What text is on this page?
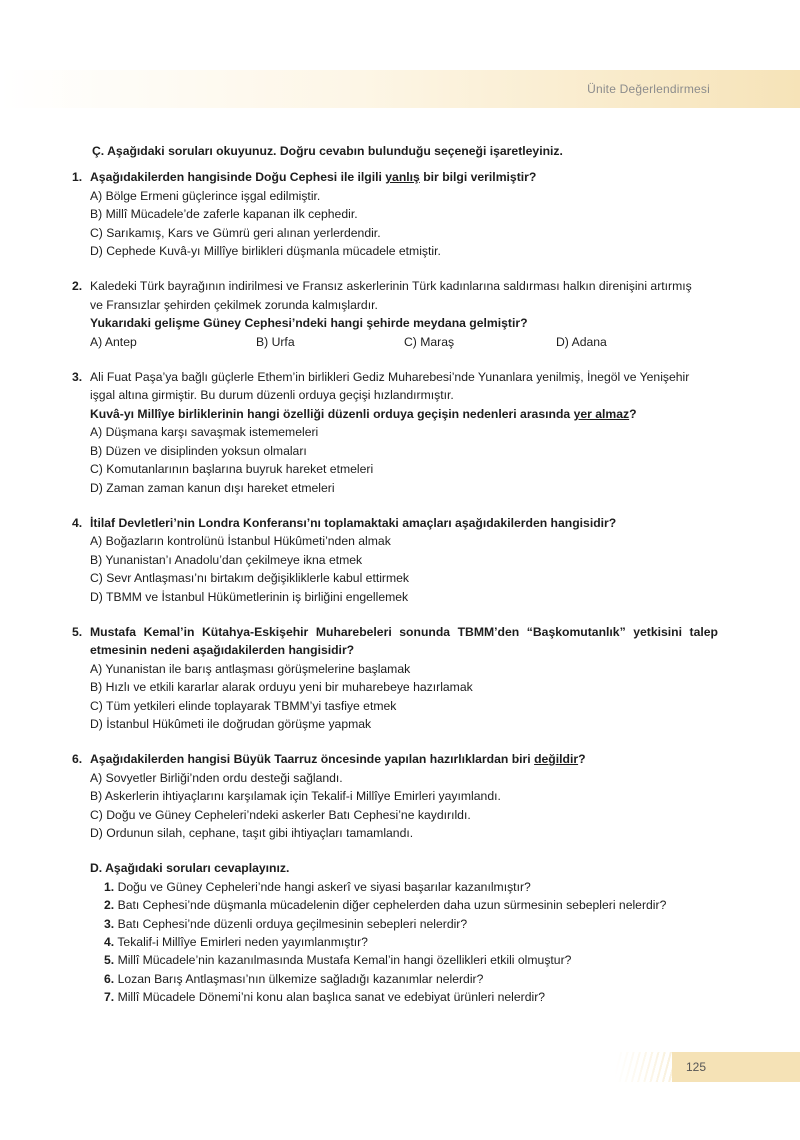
Ünite Değerlendirmesi
Ç. Aşağıdaki soruları okuyunuz. Doğru cevabın bulunduğu seçeneği işaretleyiniz.
1. Aşağıdakilerden hangisinde Doğu Cephesi ile ilgili yanlış bir bilgi verilmiştir?
A) Bölge Ermeni güçlerince işgal edilmiştir.
B) Millî Mücadele’de zaferle kapanan ilk cephedir.
C) Sarıkamış, Kars ve Gümrü geri alınan yerlerdendir.
D) Cephede Kuvâ-yı Millîye birlikleri düşmanla mücadele etmiştir.
2. Kaledeki Türk bayrağının indirilmesi ve Fransız askerlerinin Türk kadınlarına saldırması halkın direnişini artırmış
ve Fransızlar şehirden çekilmek zorunda kalmışlardır.
Yukarıdaki gelişme Güney Cephesi’ndeki hangi şehirde meydana gelmiştir?
A) Antep	B) Urfa	C) Maraş	D) Adana
3. Ali Fuat Paşa’ya bağlı güçlerle Ethem’in birlikleri Gediz Muharebesi’nde Yunanlara yenilmiş, İnegöl ve Yenişehir
işgal altına girmiştir. Bu durum düzenli orduya geçişi hızlandırmıştır.
Kuvâ-yı Millîye birliklerinin hangi özelliği düzenli orduya geçişin nedenleri arasında yer almaz?
A) Düşmana karşı savaşmak istememeleri
B) Düzen ve disiplinden yoksun olmaları
C) Komutanlarının başlarına buyruk hareket etmeleri
D) Zaman zaman kanun dışı hareket etmeleri
4. İtilaf Devletleri’nin Londra Konferansı’nı toplamaktaki amaçları aşağıdakilerden hangisidir?
A) Boğazların kontrolünü İstanbul Hükûmeti’nden almak
B) Yunanistan’ı Anadolu’dan çekilmeye ikna etmek
C) Sevr Antlaşması’nı birtakım değişikliklerle kabul ettirmek
D) TBMM ve İstanbul Hükümetlerinin iş birliğini engellemek
5. Mustafa Kemal’in Kütahya-Eskişehir Muharebeleri sonunda TBMM’den “Başkomutanlık” yetkisini talep
etmesinin nedeni aşağıdakilerden hangisidir?
A) Yunanistan ile barış antlaşması görüşmelerine başlamak
B) Hızlı ve etkili kararlar alarak orduyu yeni bir muharebeye hazırlamak
C) Tüm yetkileri elinde toplayarak TBMM’yi tasfiye etmek
D) İstanbul Hükûmeti ile doğrudan görüşme yapmak
6. Aşağıdakilerden hangisi Büyük Taarruz öncesinde yapılan hazırlıklardan biri değildir?
A) Sovyetler Birliği’nden ordu desteği sağlandı.
B) Askerlerin ihtiyaçlarını karşılamak için Tekalif-i Millîye Emirleri yayımlandı.
C) Doğu ve Güney Cepheleri’ndeki askerler Batı Cephesi’ne kaydırıldı.
D) Ordunun silah, cephane, taşıt gibi ihtiyaçları tamamlandı.
D. Aşağıdaki soruları cevaplayınız.
1. Doğu ve Güney Cepheleri’nde hangi askerî ve siyasi başarılar kazanılmıştır?
2. Batı Cephesi’nde düşmanla mücadelenin diğer cephelerden daha uzun sürmesinin sebepleri nelerdir?
3. Batı Cephesi’nde düzenli orduya geçilmesinin sebepleri nelerdir?
4. Tekalif-i Millîye Emirleri neden yayımlanmıştır?
5. Millî Mücadele’nin kazanılmasında Mustafa Kemal’in hangi özellikleri etkili olmuştur?
6. Lozan Barış Antlaşması’nın ülkemize sağladığı kazanımlar nelerdir?
7. Millî Mücadele Dönemi’ni konu alan başlıca sanat ve edebiyat ürünleri nelerdir?
125
